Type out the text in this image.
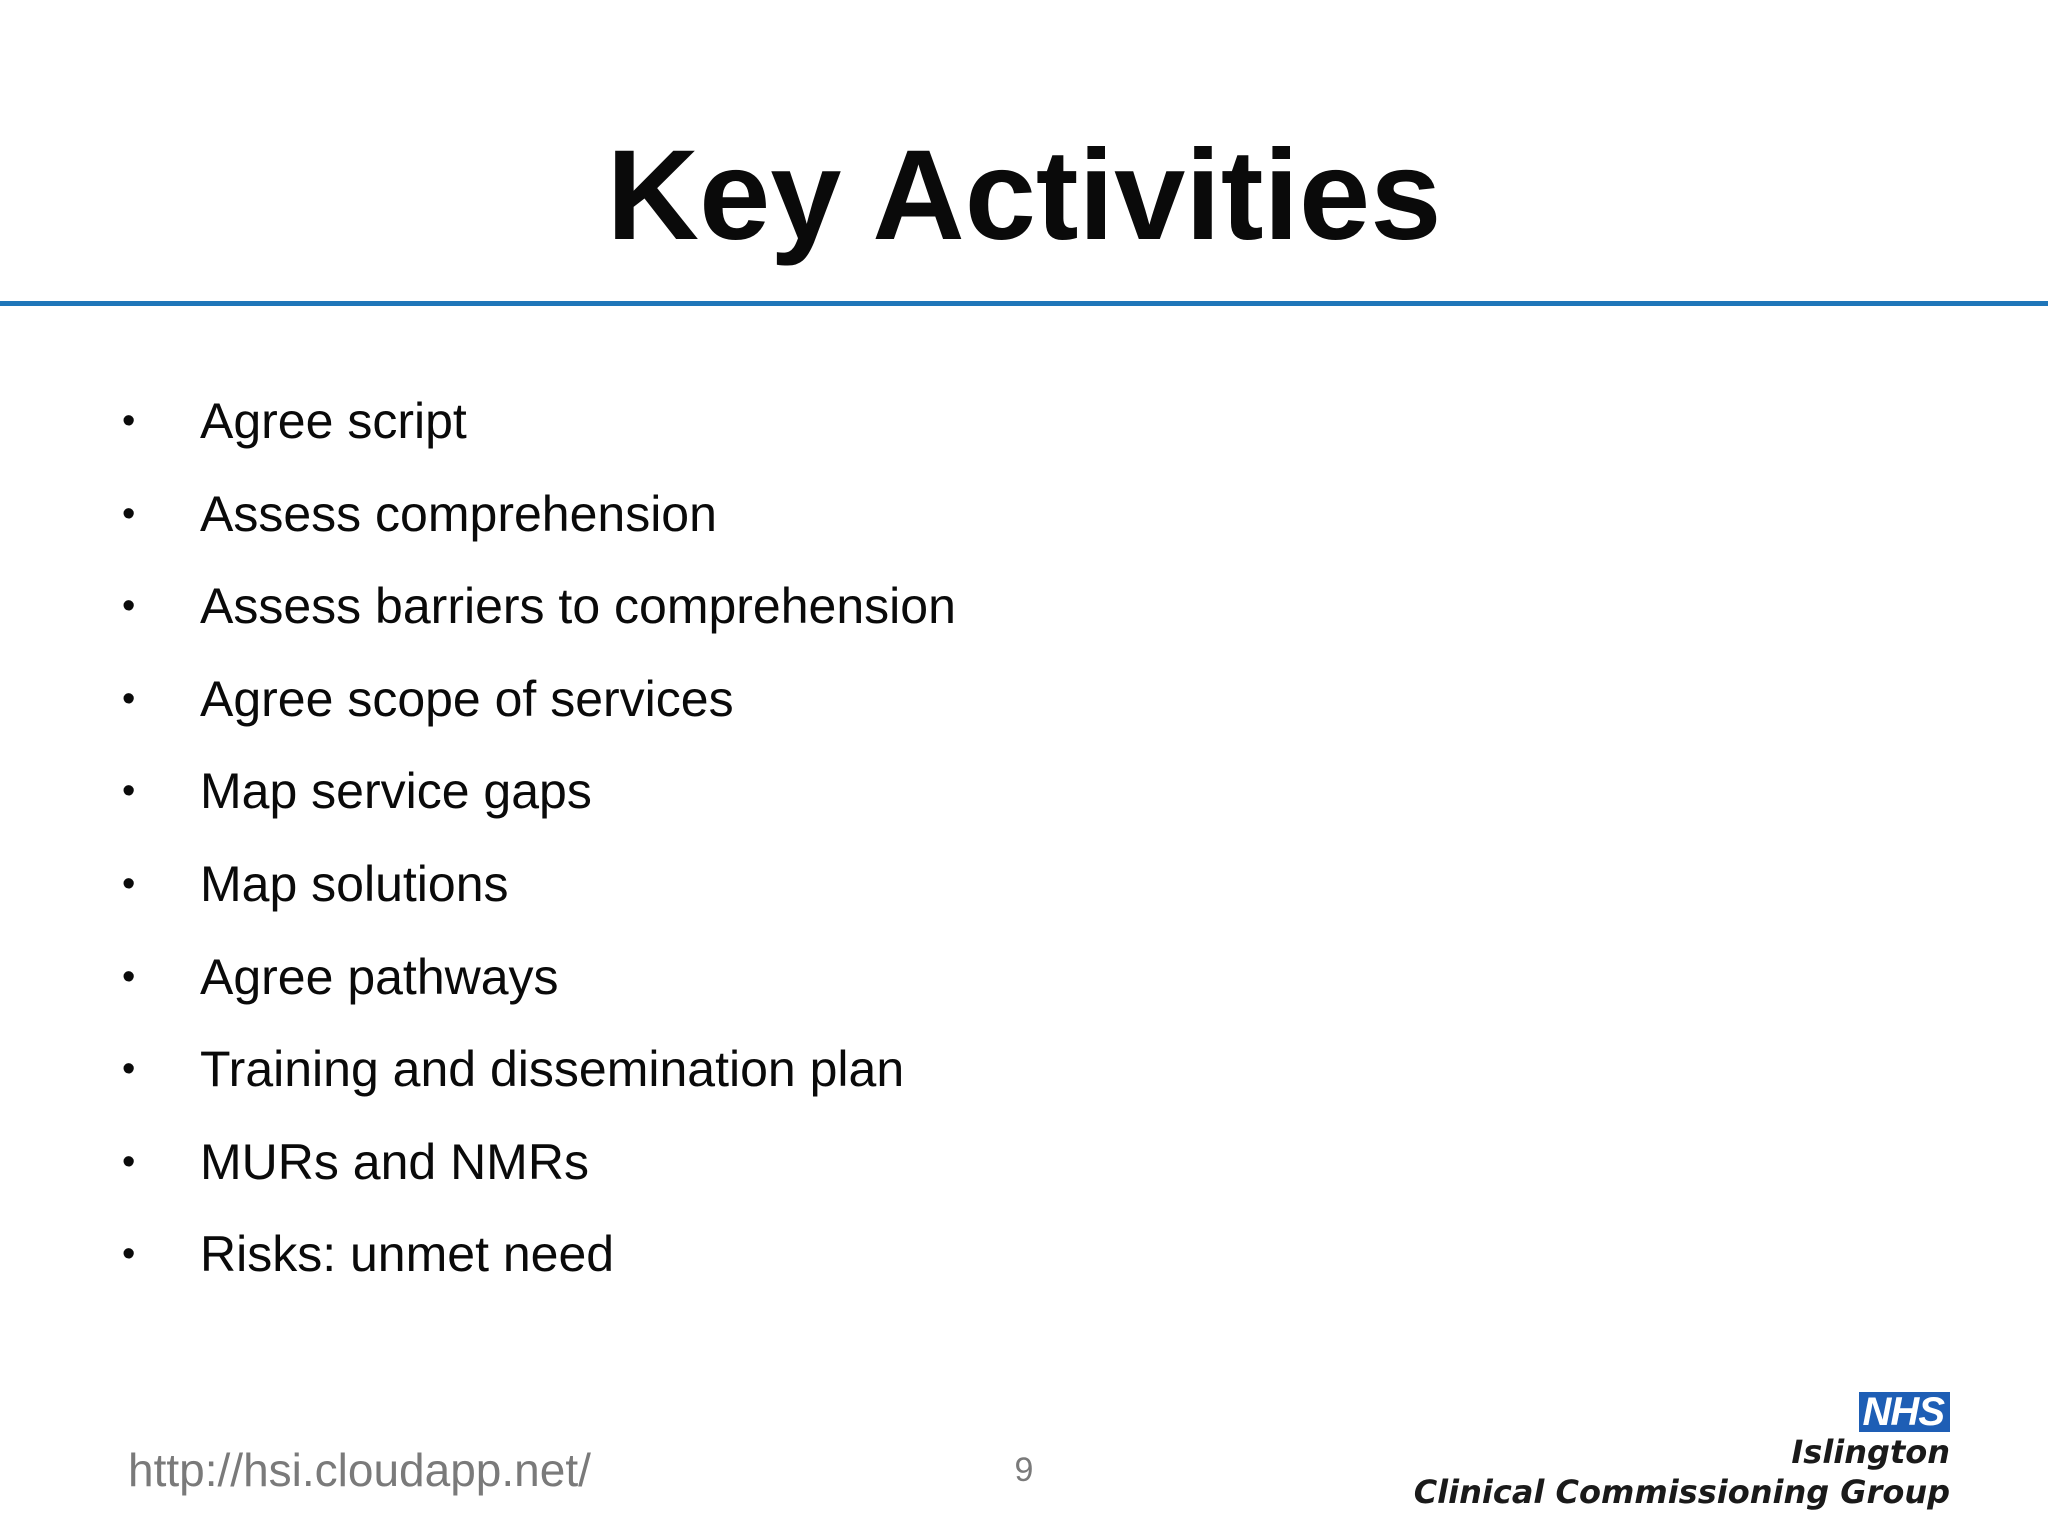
Key Activities
• Agree script
• Assess comprehension
• Assess barriers to comprehension
• Agree scope of services
• Map service gaps
• Map solutions
• Agree pathways
• Training and dissemination plan
• MURs and NMRs
• Risks: unmet need
http://hsi.cloudapp.net/	9
NHS
Islington
Clinical Commissioning Group
